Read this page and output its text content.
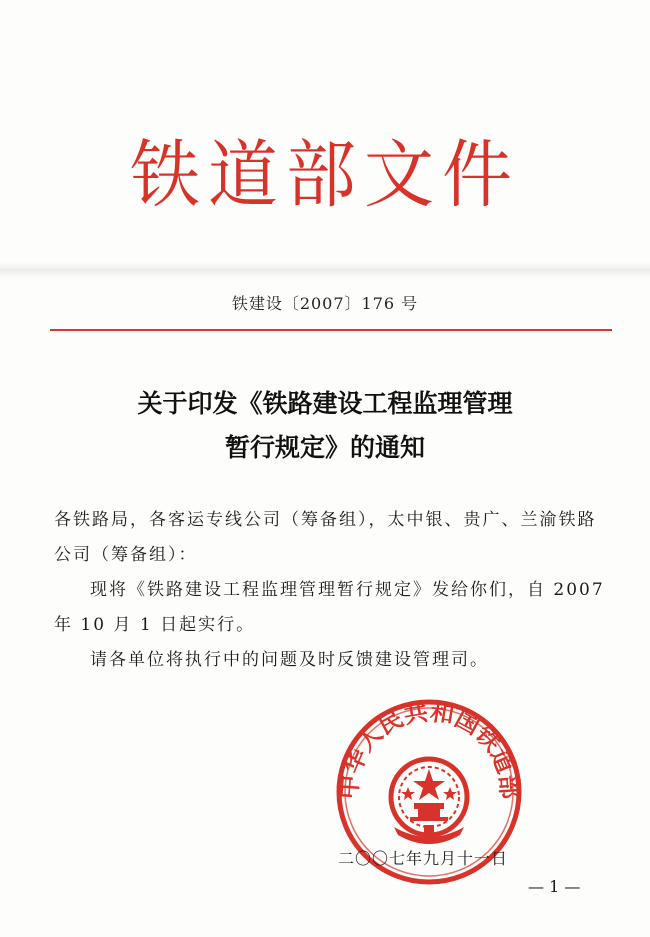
铁道部文件
铁建设〔2007〕176 号
关于印发《铁路建设工程监理管理
暂行规定》的通知

各铁路局，各客运专线公司（筹备组），太中银、贵广、兰渝铁路公司（筹备组）：

现将《铁路建设工程监理管理暂行规定》发给你们，自 2007 年 10 月 1 日起实行。

请各单位将执行中的问题及时反馈建设管理司。

中华人民共和国铁道部
二〇〇七年九月十一日
— 1 —
